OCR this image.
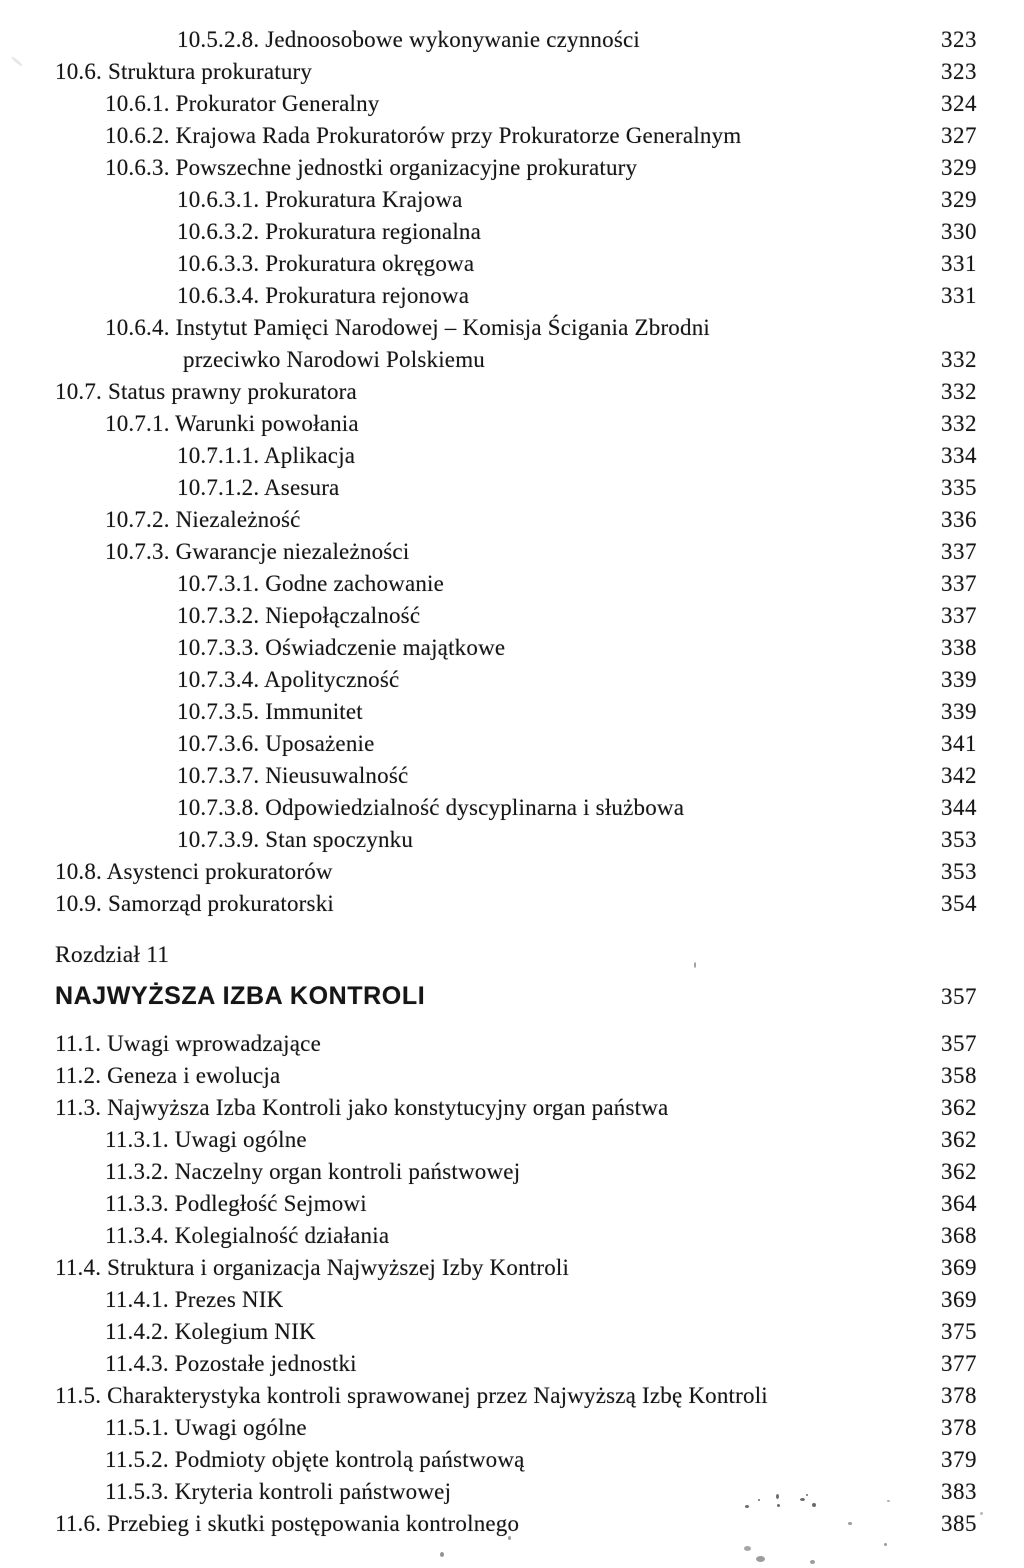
10.5.2.8. Jednoosobowe wykonywanie czynności	323
10.6. Struktura prokuratury	323
10.6.1. Prokurator Generalny	324
10.6.2. Krajowa Rada Prokuratorów przy Prokuratorze Generalnym	327
10.6.3. Powszechne jednostki organizacyjne prokuratury	329
10.6.3.1. Prokuratura Krajowa	329
10.6.3.2. Prokuratura regionalna	330
10.6.3.3. Prokuratura okręgowa	331
10.6.3.4. Prokuratura rejonowa	331
10.6.4. Instytut Pamięci Narodowej – Komisja Ścigania Zbrodni
przeciwko Narodowi Polskiemu	332
10.7. Status prawny prokuratora	332
10.7.1. Warunki powołania	332
10.7.1.1. Aplikacja	334
10.7.1.2. Asesura	335
10.7.2. Niezależność	336
10.7.3. Gwarancje niezależności	337
10.7.3.1. Godne zachowanie	337
10.7.3.2. Niepołączalność	337
10.7.3.3. Oświadczenie majątkowe	338
10.7.3.4. Apolityczność	339
10.7.3.5. Immunitet	339
10.7.3.6. Uposażenie	341
10.7.3.7. Nieusuwalność	342
10.7.3.8. Odpowiedzialność dyscyplinarna i służbowa	344
10.7.3.9. Stan spoczynku	353
10.8. Asystenci prokuratorów	353
10.9. Samorząd prokuratorski	354
Rozdział 11
NAJWYŻSZA IZBA KONTROLI	357
11.1. Uwagi wprowadzające	357
11.2. Geneza i ewolucja	358
11.3. Najwyższa Izba Kontroli jako konstytucyjny organ państwa	362
11.3.1. Uwagi ogólne	362
11.3.2. Naczelny organ kontroli państwowej	362
11.3.3. Podległość Sejmowi	364
11.3.4. Kolegialność działania	368
11.4. Struktura i organizacja Najwyższej Izby Kontroli	369
11.4.1. Prezes NIK	369
11.4.2. Kolegium NIK	375
11.4.3. Pozostałe jednostki	377
11.5. Charakterystyka kontroli sprawowanej przez Najwyższą Izbę Kontroli	378
11.5.1. Uwagi ogólne	378
11.5.2. Podmioty objęte kontrolą państwową	379
11.5.3. Kryteria kontroli państwowej	383
11.6. Przebieg i skutki postępowania kontrolnego	385
